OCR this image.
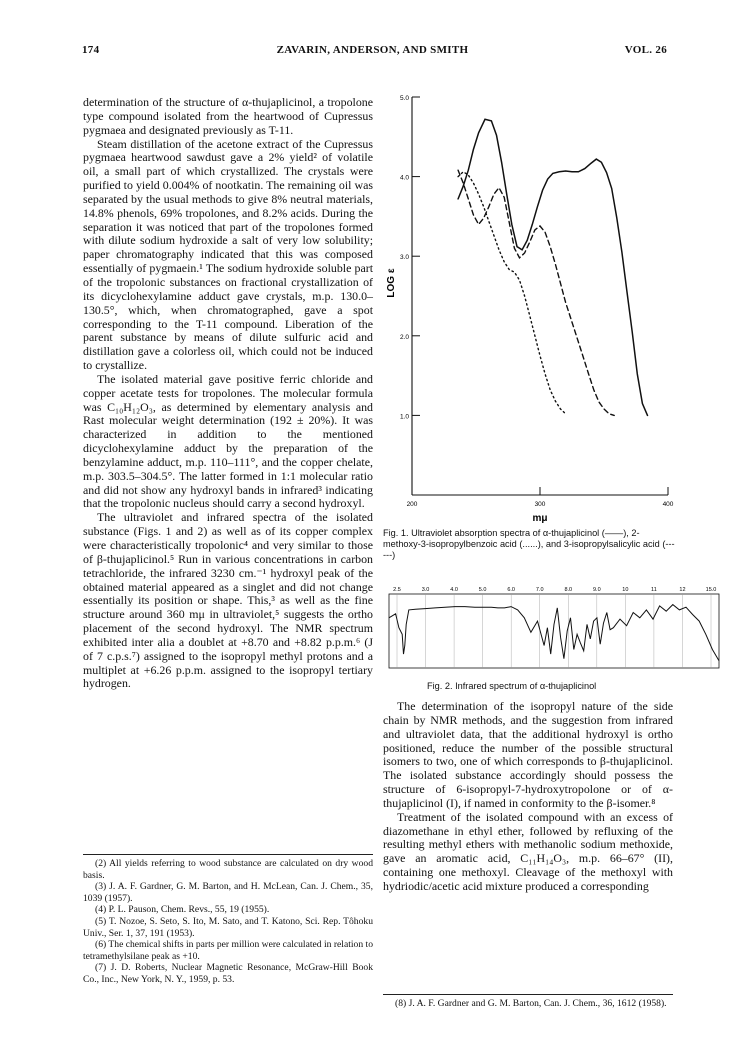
174	ZAVARIN, ANDERSON, AND SMITH	VOL. 26

determination of the structure of α-thujaplicinol, a tropolone type compound isolated from the heartwood of Cupressus pygmaea and designated previously as T-11.

Steam distillation of the acetone extract of the Cupressus pygmaea heartwood sawdust gave a 2% yield² of volatile oil, a small part of which crystallized. The crystals were purified to yield 0.004% of nootkatin. The remaining oil was separated by the usual methods to give 8% neutral materials, 14.8% phenols, 69% tropolones, and 8.2% acids. During the separation it was noticed that part of the tropolones formed with dilute sodium hydroxide a salt of very low solubility; paper chromatography indicated that this was composed essentially of pygmaein.¹ The sodium hydroxide soluble part of the tropolonic substances on fractional crystallization of its dicyclohexylamine adduct gave crystals, m.p. 130.0–130.5°, which, when chromatographed, gave a spot corresponding to the T-11 compound. Liberation of the parent substance by means of dilute sulfuric acid and distillation gave a colorless oil, which could not be induced to crystallize.

The isolated material gave positive ferric chloride and copper acetate tests for tropolones. The molecular formula was C₁₀H₁₂O₃, as determined by elementary analysis and Rast molecular weight determination (192 ± 20%). It was characterized in addition to the mentioned dicyclohexylamine adduct by the preparation of the benzylamine adduct, m.p. 110–111°, and the copper chelate, m.p. 303.5–304.5°. The latter formed in 1:1 molecular ratio and did not show any hydroxyl bands in infrared³ indicating that the tropolonic nucleus should carry a second hydroxyl.

The ultraviolet and infrared spectra of the isolated substance (Figs. 1 and 2) as well as of its copper complex were characteristically tropolonic⁴ and very similar to those of β-thujaplicinol.⁵ Run in various concentrations in carbon tetrachloride, the infrared 3230 cm.⁻¹ hydroxyl peak of the obtained material appeared as a singlet and did not change essentially its position or shape. This,³ as well as the fine structure around 360 mμ in ultraviolet,⁵ suggests the ortho placement of the second hydroxyl. The NMR spectrum exhibited inter alia a doublet at +8.70 and +8.82 p.p.m.⁶ (J of 7 c.p.s.⁷) assigned to the isopropyl methyl protons and a multiplet at +6.26 p.p.m. assigned to the isopropyl tertiary hydrogen.

(2) All yields referring to wood substance are calculated on dry wood basis.

(3) J. A. F. Gardner, G. M. Barton, and H. McLean, Can. J. Chem., 35, 1039 (1957).

(4) P. L. Pauson, Chem. Revs., 55, 19 (1955).

(5) T. Nozoe, S. Seto, S. Ito, M. Sato, and T. Katono, Sci. Rep. Tôhoku Univ., Ser. 1, 37, 191 (1953).

(6) The chemical shifts in parts per million were calculated in relation to tetramethylsilane peak as +10.

(7) J. D. Roberts, Nuclear Magnetic Resonance, McGraw-Hill Book Co., Inc., New York, N. Y., 1959, p. 53.

5.0
4.0
3.0
2.0
1.0
200	300	400
LOG ε
mμ
Fig. 1. Ultraviolet absorption spectra of α-thujaplicinol (——), 2-methoxy-3-isopropylbenzoic acid (......), and 3-isopropylsalicylic acid (------)
2.5	3.0	4.0	5.0	6.0	7.0	8.0	9.0	10	11	12	15.0
Fig. 2. Infrared spectrum of α-thujaplicinol

The determination of the isopropyl nature of the side chain by NMR methods, and the suggestion from infrared and ultraviolet data, that the additional hydroxyl is ortho positioned, reduce the number of the possible structural isomers to two, one of which corresponds to β-thujaplicinol. The isolated substance accordingly should possess the structure of 6-isopropyl-7-hydroxytropolone or of α-thujaplicinol (I), if named in conformity to the β-isomer.⁸

Treatment of the isolated compound with an excess of diazomethane in ethyl ether, followed by refluxing of the resulting methyl ethers with methanolic sodium methoxide, gave an aromatic acid, C₁₁H₁₄O₃, m.p. 66–67° (II), containing one methoxyl. Cleavage of the methoxyl with hydriodic/acetic acid mixture produced a corresponding

(8) J. A. F. Gardner and G. M. Barton, Can. J. Chem., 36, 1612 (1958).
